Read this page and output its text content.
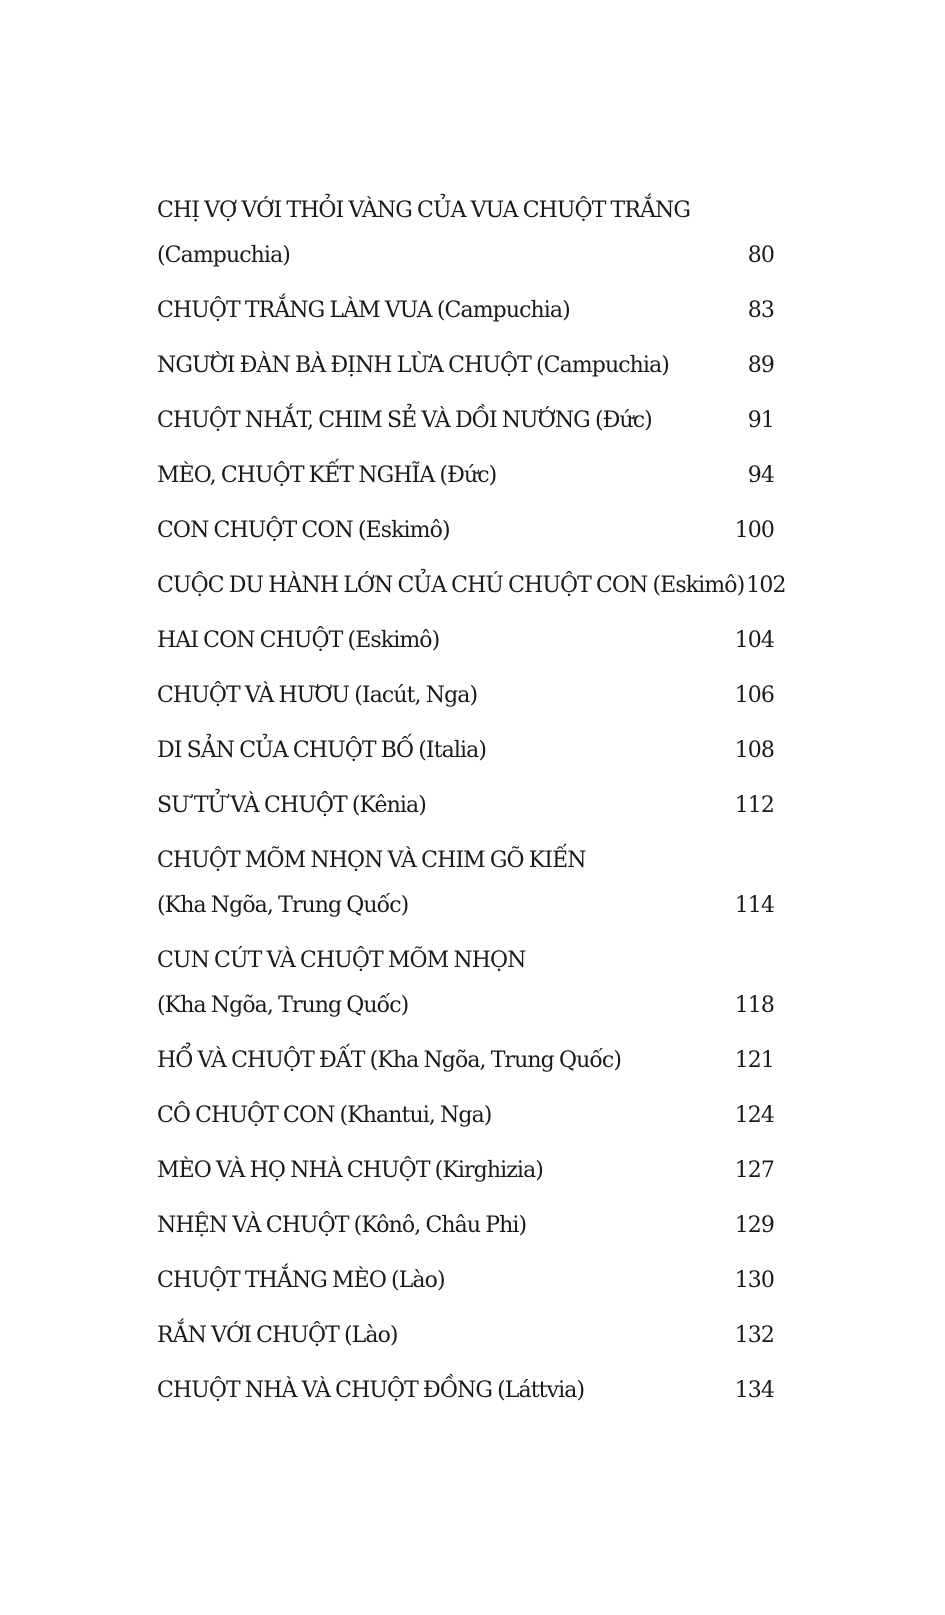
CHỊ VỢ VỚI THỎI VÀNG CỦA VUA CHUỘT TRẮNG
(Campuchia)	80
CHUỘT TRẮNG LÀM VUA (Campuchia)	83
NGƯỜI ĐÀN BÀ ĐỊNH LỪA CHUỘT (Campuchia)	89
CHUỘT NHẮT, CHIM SẺ VÀ DỒI NƯỚNG (Đức)	91
MÈO, CHUỘT KẾT NGHĨA (Đức)	94
CON CHUỘT CON (Eskimô)	100
CUỘC DU HÀNH LỚN CỦA CHÚ CHUỘT CON (Eskimô) 102
HAI CON CHUỘT (Eskimô)	104
CHUỘT VÀ HƯƠU (Iacút, Nga)	106
DI SẢN CỦA CHUỘT BỐ (Italia)	108
SƯ TỬ VÀ CHUỘT (Kênia)	112
CHUỘT MÕM NHỌN VÀ CHIM GÕ KIẾN
(Kha Ngõa, Trung Quốc)	114
CUN CÚT VÀ CHUỘT MÕM NHỌN
(Kha Ngõa, Trung Quốc)	118
HỔ VÀ CHUỘT ĐẤT (Kha Ngõa, Trung Quốc)	121
CÔ CHUỘT CON (Khantui, Nga)	124
MÈO VÀ HỌ NHÀ CHUỘT (Kirghizia)	127
NHỆN VÀ CHUỘT (Kônô, Châu Phi)	129
CHUỘT THẮNG MÈO (Lào)	130
RẮN VỚI CHUỘT (Lào)	132
CHUỘT NHÀ VÀ CHUỘT ĐỒNG (Láttvia)	134
